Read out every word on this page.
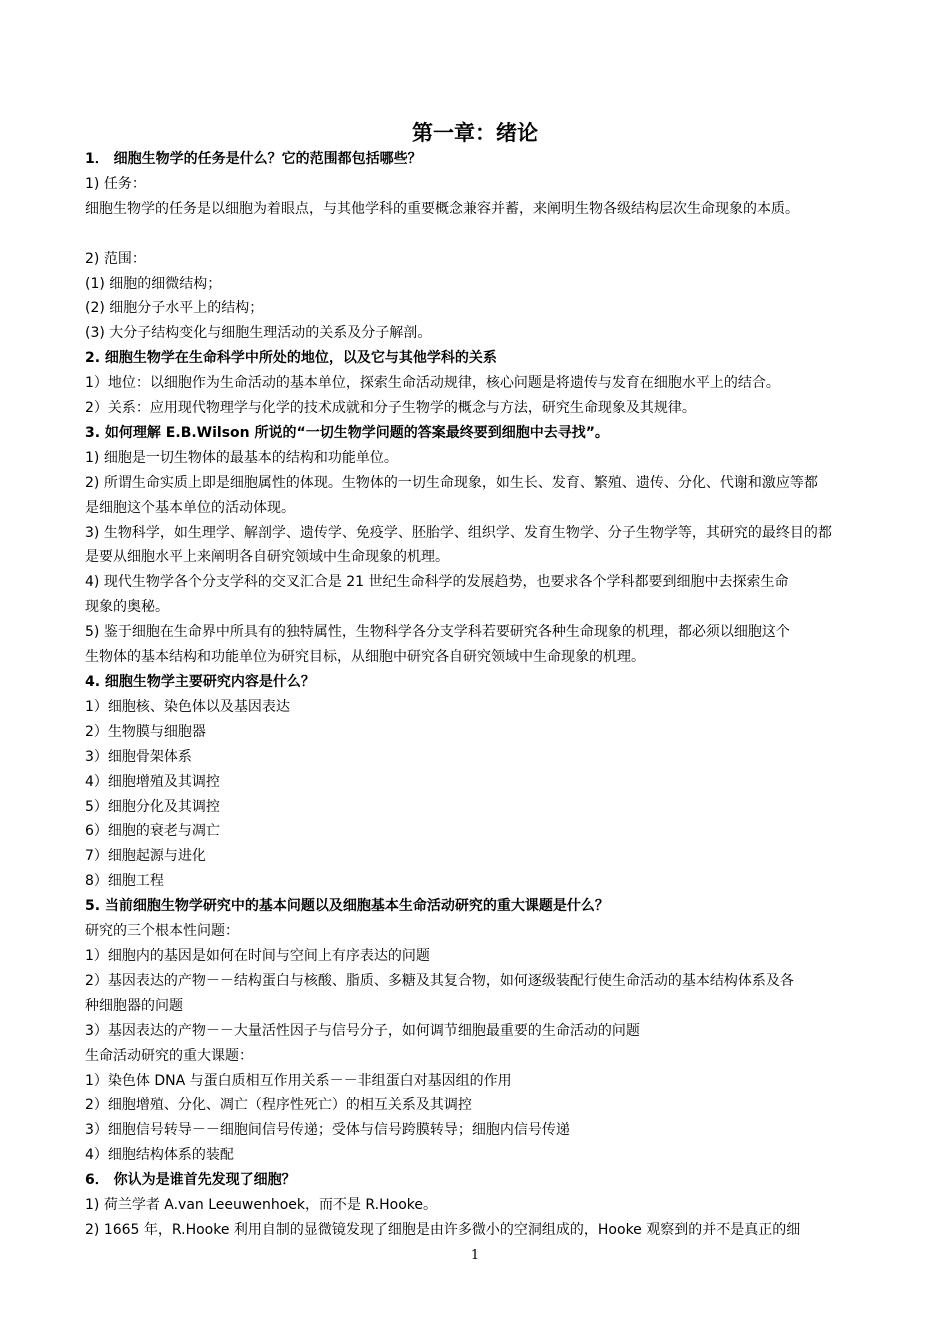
第一章：绪论
1． 细胞生物学的任务是什么？它的范围都包括哪些？
1) 任务：
细胞生物学的任务是以细胞为着眼点，与其他学科的重要概念兼容并蓄，来阐明生物各级结构层次生命现象的本质。
2) 范围：
(1) 细胞的细微结构；
(2) 细胞分子水平上的结构；
(3) 大分子结构变化与细胞生理活动的关系及分子解剖。
2. 细胞生物学在生命科学中所处的地位，以及它与其他学科的关系
1）地位：以细胞作为生命活动的基本单位，探索生命活动规律，核心问题是将遗传与发育在细胞水平上的结合。
2）关系：应用现代物理学与化学的技术成就和分子生物学的概念与方法，研究生命现象及其规律。
3. 如何理解 E.B.Wilson 所说的“一切生物学问题的答案最终要到细胞中去寻找”。
1) 细胞是一切生物体的最基本的结构和功能单位。
2) 所谓生命实质上即是细胞属性的体现。生物体的一切生命现象，如生长、发育、繁殖、遗传、分化、代谢和激应等都
是细胞这个基本单位的活动体现。
3) 生物科学，如生理学、解剖学、遗传学、免疫学、胚胎学、组织学、发育生物学、分子生物学等，其研究的最终目的都
是要从细胞水平上来阐明各自研究领域中生命现象的机理。
4) 现代生物学各个分支学科的交叉汇合是 21 世纪生命科学的发展趋势，也要求各个学科都要到细胞中去探索生命
现象的奥秘。
5) 鉴于细胞在生命界中所具有的独特属性，生物科学各分支学科若要研究各种生命现象的机理，都必须以细胞这个
生物体的基本结构和功能单位为研究目标，从细胞中研究各自研究领域中生命现象的机理。
4. 细胞生物学主要研究内容是什么？
1）细胞核、染色体以及基因表达
2）生物膜与细胞器
3）细胞骨架体系
4）细胞增殖及其调控
5）细胞分化及其调控
6）细胞的衰老与凋亡
7）细胞起源与进化
8）细胞工程
5. 当前细胞生物学研究中的基本问题以及细胞基本生命活动研究的重大课题是什么？
研究的三个根本性问题：
1）细胞内的基因是如何在时间与空间上有序表达的问题
2）基因表达的产物－－结构蛋白与核酸、脂质、多糖及其复合物，如何逐级装配行使生命活动的基本结构体系及各
种细胞器的问题
3）基因表达的产物－－大量活性因子与信号分子，如何调节细胞最重要的生命活动的问题
生命活动研究的重大课题：
1）染色体 DNA 与蛋白质相互作用关系－－非组蛋白对基因组的作用
2）细胞增殖、分化、凋亡（程序性死亡）的相互关系及其调控
3）细胞信号转导－－细胞间信号传递；受体与信号跨膜转导；细胞内信号传递
4）细胞结构体系的装配
6． 你认为是谁首先发现了细胞？
1) 荷兰学者 A.van Leeuwenhoek，而不是 R.Hooke。
2) 1665 年，R.Hooke 利用自制的显微镜发现了细胞是由许多微小的空洞组成的，Hooke 观察到的并不是真正的细
1
